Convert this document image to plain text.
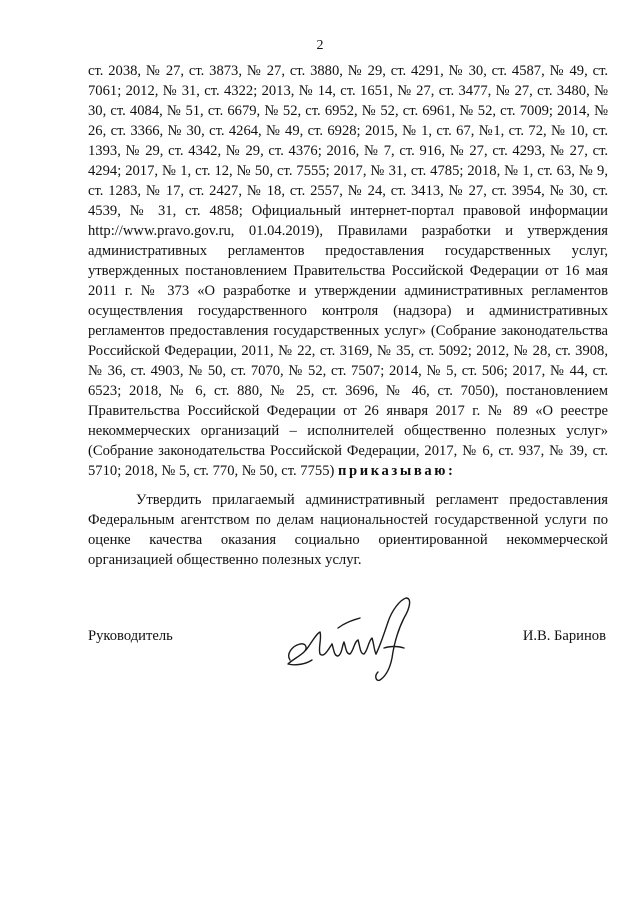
2

ст. 2038, № 27, ст. 3873, № 27, ст. 3880, № 29, ст. 4291, № 30, ст. 4587, № 49, ст. 7061; 2012, № 31, ст. 4322; 2013, № 14, ст. 1651, № 27, ст. 3477, № 27, ст. 3480, № 30, ст. 4084, № 51, ст. 6679, № 52, ст. 6952, № 52, ст. 6961, № 52, ст. 7009; 2014, № 26, ст. 3366, № 30, ст. 4264, № 49, ст. 6928; 2015, № 1, ст. 67, №1, ст. 72, № 10, ст. 1393, № 29, ст. 4342, № 29, ст. 4376; 2016, № 7, ст. 916, № 27, ст. 4293, № 27, ст. 4294; 2017, № 1, ст. 12, № 50, ст. 7555; 2017, № 31, ст. 4785; 2018, № 1, ст. 63, № 9, ст. 1283, № 17, ст. 2427, № 18, ст. 2557, № 24, ст. 3413, № 27, ст. 3954, № 30, ст. 4539, № 31, ст. 4858; Официальный интернет-портал правовой информации http://www.pravo.gov.ru, 01.04.2019), Правилами разработки и утверждения административных регламентов предоставления государственных услуг, утвержденных постановлением Правительства Российской Федерации от 16 мая 2011 г. № 373 «О разработке и утверждении административных регламентов осуществления государственного контроля (надзора) и административных регламентов предоставления государственных услуг» (Собрание законодательства Российской Федерации, 2011, № 22, ст. 3169, № 35, ст. 5092; 2012, № 28, ст. 3908, № 36, ст. 4903, № 50, ст. 7070, № 52, ст. 7507; 2014, № 5, ст. 506; 2017, № 44, ст. 6523; 2018, № 6, ст. 880, № 25, ст. 3696, № 46, ст. 7050), постановлением Правительства Российской Федерации от 26 января 2017 г. № 89 «О реестре некоммерческих организаций – исполнителей общественно полезных услуг» (Собрание законодательства Российской Федерации, 2017, № 6, ст. 937, № 39, ст. 5710; 2018, № 5, ст. 770, № 50, ст. 7755) приказываю:

Утвердить прилагаемый административный регламент предоставления Федеральным агентством по делам национальностей государственной услуги по оценке качества оказания социально ориентированной некоммерческой организацией общественно полезных услуг.

Руководитель	И.В. Баринов
